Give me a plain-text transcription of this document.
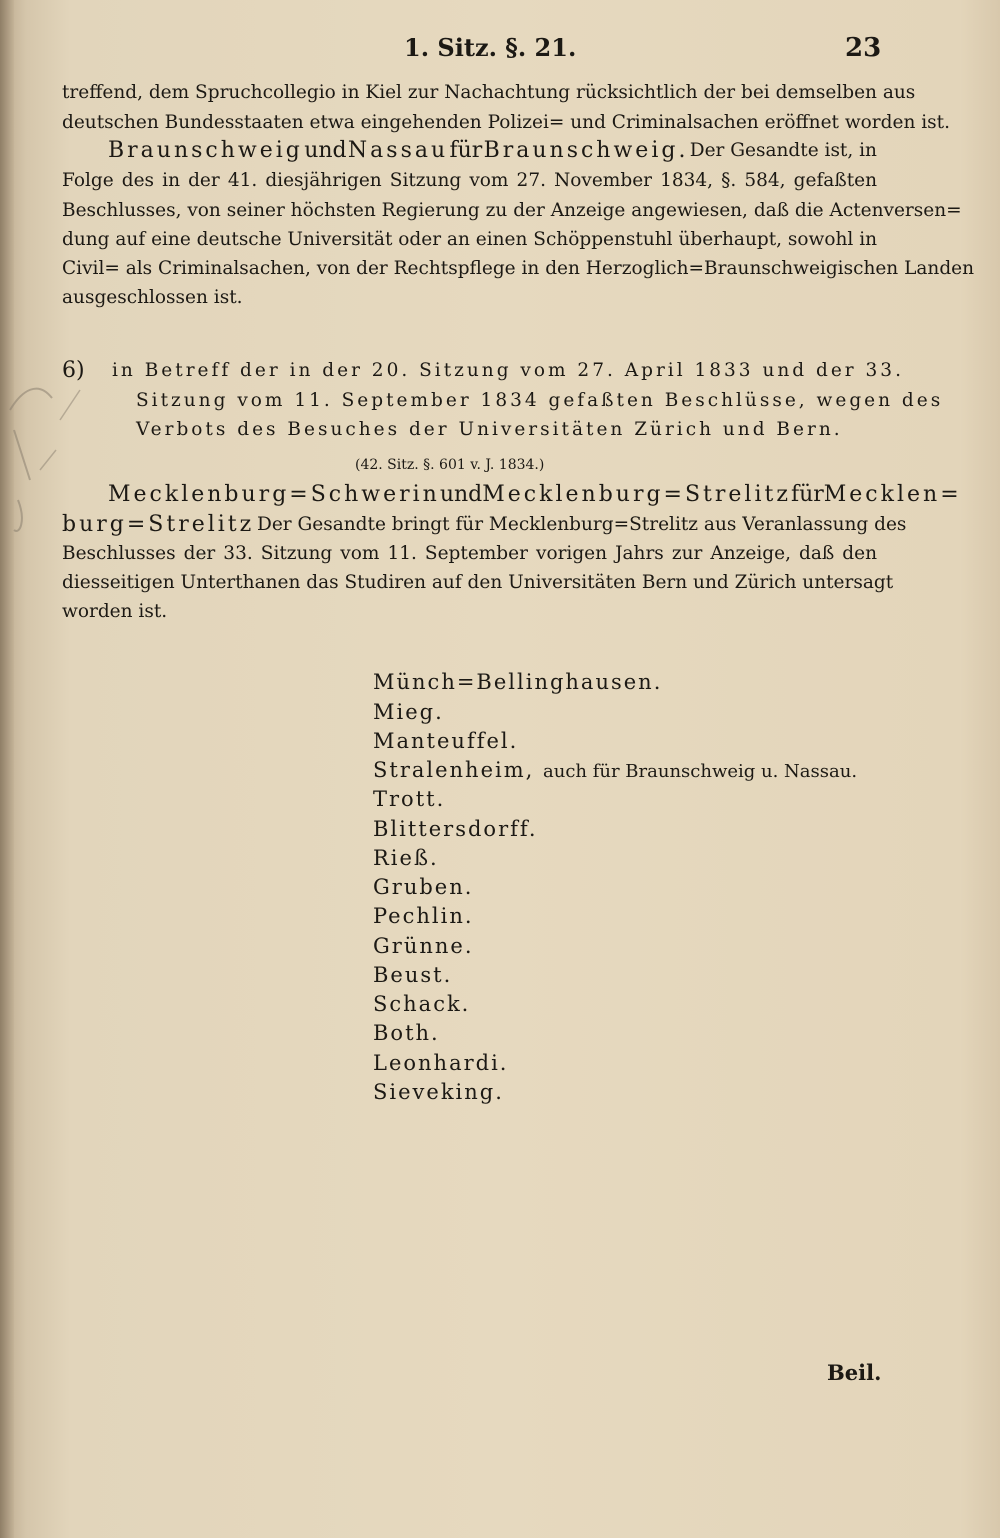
1. Sitz. §. 21.	23
treffend, dem Spruchcollegio in Kiel zur Nachachtung rücksichtlich der bei demselben aus
deutschen Bundesstaaten etwa eingehenden Polizei= und Criminalsachen eröffnet worden ist.
Braunschweig und Nassau für Braunschweig. Der Gesandte ist, in
Folge des in der 41. diesjährigen Sitzung vom 27. November 1834, §. 584, gefaßten
Beschlusses, von seiner höchsten Regierung zu der Anzeige angewiesen, daß die Actenversen=
dung auf eine deutsche Universität oder an einen Schöppenstuhl überhaupt, sowohl in
Civil= als Criminalsachen, von der Rechtspflege in den Herzoglich=Braunschweigischen Landen
ausgeschlossen ist.
6) in Betreff der in der 20. Sitzung vom 27. April 1833 und der 33.
Sitzung vom 11. September 1834 gefaßten Beschlüsse, wegen des
Verbots des Besuches der Universitäten Zürich und Bern.
(42. Sitz. §. 601 v. J. 1834.)
Mecklenburg=Schwerin und Mecklenburg=Strelitz für Mecklen=
burg=Strelitz Der Gesandte bringt für Mecklenburg=Strelitz aus Veranlassung des
Beschlusses der 33. Sitzung vom 11. September vorigen Jahrs zur Anzeige, daß den
diesseitigen Unterthanen das Studiren auf den Universitäten Bern und Zürich untersagt
worden ist.
Münch=Bellinghausen.
Mieg.
Manteuffel.
Stralenheim, auch für Braunschweig u. Nassau.
Trott.
Blittersdorff.
Rieß.
Gruben.
Pechlin.
Grünne.
Beust.
Schack.
Both.
Leonhardi.
Sieveking.
Beil.
